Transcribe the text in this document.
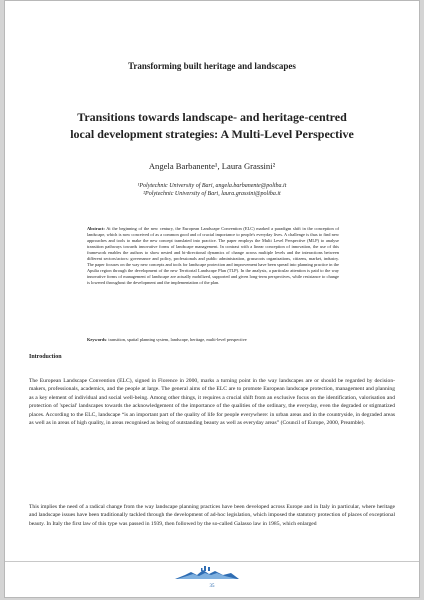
Transforming built heritage and landscapes
Transitions towards landscape- and heritage-centred local development strategies: A Multi-Level Perspective
Angela Barbanente¹, Laura Grassini²
¹Polytechnic University of Bari, angela.barbanente@poliba.it
²Polytechnic University of Bari, laura.grassini@poliba.it
Abstract: At the beginning of the new century, the European Landscape Convention (ELC) marked a paradigm shift in the conception of landscape, which is now conceived of as a common good and of crucial importance to people's everyday lives. A challenge is thus to find new approaches and tools to make the new concept translated into practice. The paper employs the Multi Level Perspective (MLP) to analyse transition pathways towards innovative forms of landscape management. In contrast with a linear conception of innovation, the use of this framework enables the authors to show nested and bi-directional dynamics of change across multiple levels and the interactions between different sectors/actors: governance and policy, professionals and public administration, grassroots organizations, citizens, market, industry. The paper focuses on the way new concepts and tools for landscape protection and improvement have been spread into planning practice in the Apulia region through the development of the new Territorial Landscape Plan (TLP). In the analysis, a particular attention is paid to the way innovative forms of management of landscape are actually mobilized, supported and given long-term perspectives, while resistance to change is lowered throughout the development and the implementation of the plan.
Keywords: transition, spatial planning system, landscape, heritage, multi-level perspective
Introduction

The European Landscape Convention (ELC), signed in Florence in 2000, marks a turning point in the way landscapes are or should be regarded by decision-makers, professionals, academics, and the people at large. The general aims of the ELC are to promote European landscape protection, management and planning as a key element of individual and social well-being. Among other things, it requires a crucial shift from an exclusive focus on the identification, valorisation and protection of 'special' landscapes towards the acknowledgement of the importance of the qualities of the ordinary, the everyday, even the degraded or stigmatized places. According to the ELC, landscape “is an important part of the quality of life for people everywhere: in urban areas and in the countryside, in degraded areas as well as in areas of high quality, in areas recognised as being of outstanding beauty as well as everyday areas” (Council of Europe, 2000, Preamble).

This implies the need of a radical change from the way landscape planning practices have been developed across Europe and in Italy in particular, where heritage and landscape issues have been traditionally tackled through the development of ad-hoc legislation, which imposed the statutory protection of places of exceptional beauty. In Italy the first law of this type was passed in 1939, then followed by the so-called Galasso law in 1985, which enlarged

35
